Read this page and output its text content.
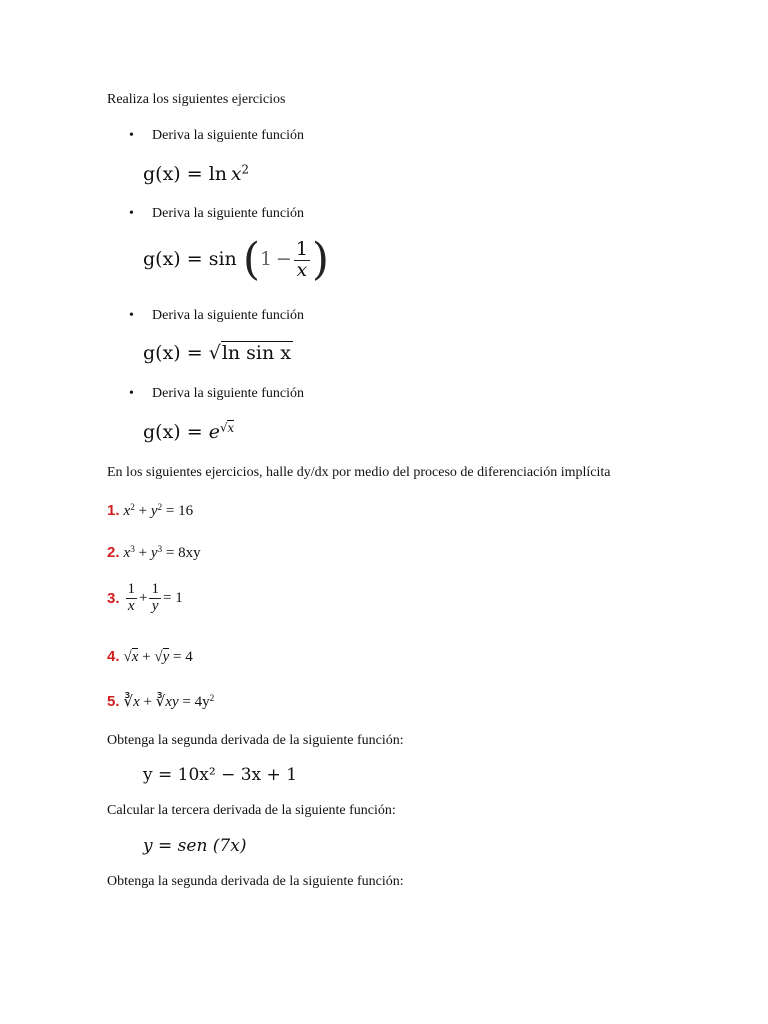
Realiza los siguientes ejercicios
• Deriva la siguiente función
$g(x) = \ln x^2$
• Deriva la siguiente función
$g(x) = \sin (1 - \frac{1}{x}$ )
• Deriva la siguiente función
g(x) = √ln sin x
• Deriva la siguiente función
$g(x) = e^{√x}$
En los siguientes ejercicios, halle dy/dx por medio del proceso de diferenciación implícita
1. $x^2 + y^2 = 16$
2. $x^3 + y^3 = 8xy$
3. $\frac{1}{x} + \frac{1}{y} = 1$
4. √x + √y = 4
5. ∛x + ∛xy = $4y^2$
Obtenga la segunda derivada de la siguiente función:
y = 10x² − 3x + 1
Calcular la tercera derivada de la siguiente función:
y = sen (7x)
Obtenga la segunda derivada de la siguiente función:
